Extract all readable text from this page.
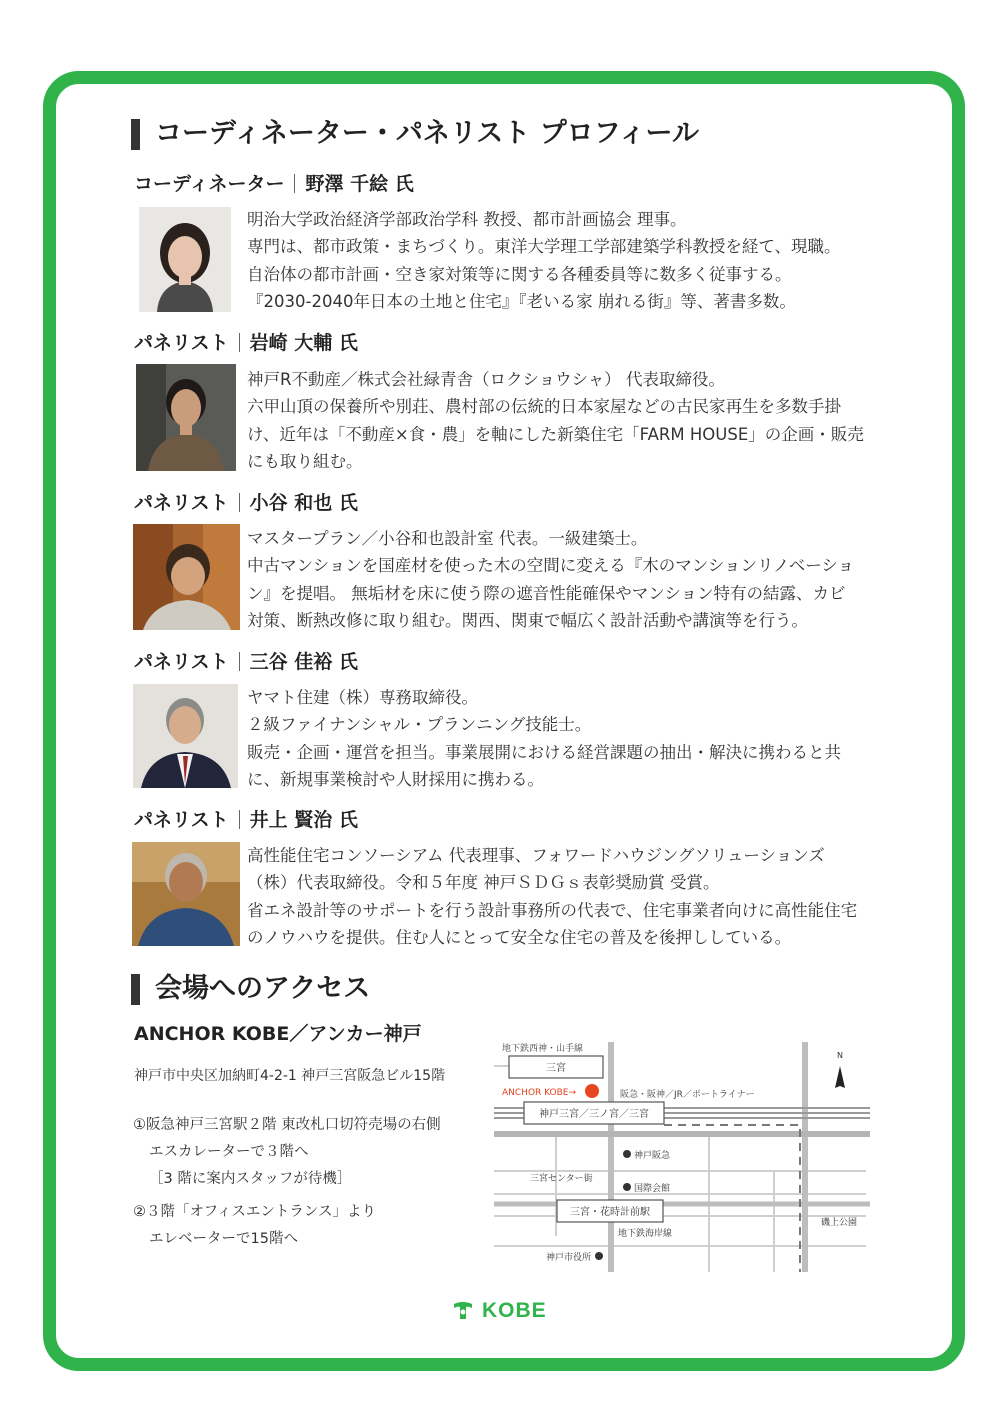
コーディネーター・パネリスト プロフィール
コーディネーター 野澤 千絵 氏
明治大学政治経済学部政治学科 教授、都市計画協会 理事。
専門は、都市政策・まちづくり。東洋大学理工学部建築学科教授を経て、現職。
自治体の都市計画・空き家対策等に関する各種委員等に数多く従事する。
『2030-2040年日本の土地と住宅』『老いる家 崩れる街』等、著書多数。
パネリスト 岩崎 大輔 氏
神戸R不動産／株式会社緑青舎（ロクショウシャ） 代表取締役。
六甲山頂の保養所や別荘、農村部の伝統的日本家屋などの古民家再生を多数手掛
け、近年は「不動産×食・農」を軸にした新築住宅「FARM HOUSE」の企画・販売
にも取り組む。
パネリスト 小谷 和也 氏
マスタープラン／小谷和也設計室 代表。一級建築士。
中古マンションを国産材を使った木の空間に変える『木のマンションリノベーショ
ン』を提唱。 無垢材を床に使う際の遮音性能確保やマンション特有の結露、カビ
対策、断熱改修に取り組む。関西、関東で幅広く設計活動や講演等を行う。
パネリスト 三谷 佳裕 氏
ヤマト住建（株）専務取締役。
２級ファイナンシャル・プランニング技能士。
販売・企画・運営を担当。事業展開における経営課題の抽出・解決に携わると共
に、新規事業検討や人財採用に携わる。
パネリスト 井上 賢治 氏
高性能住宅コンソーシアム 代表理事、フォワードハウジングソリューションズ
（株）代表取締役。令和５年度 神戸ＳＤＧｓ表彰奨励賞 受賞。
省エネ設計等のサポートを行う設計事務所の代表で、住宅事業者向けに高性能住宅
のノウハウを提供。住む人にとって安全な住宅の普及を後押ししている。
会場へのアクセス
ANCHOR KOBE／アンカー神戸
神戸市中央区加納町4-2-1 神戸三宮阪急ビル15階
①阪急神戸三宮駅２階 東改札口切符売場の右側
エスカレーターで３階へ
［3 階に案内スタッフが待機］
②３階「オフィスエントランス」より
エレベーターで15階へ
地下鉄西神・山手線
三宮
ANCHOR KOBE→	阪急・阪神／JR／ポートライナー
神戸三宮／三ノ宮／三宮
神戸阪急
三宮センター街
国際会館
三宮・花時計前駅
地下鉄海岸線
磯上公園
神戸市役所
N
KOBE
